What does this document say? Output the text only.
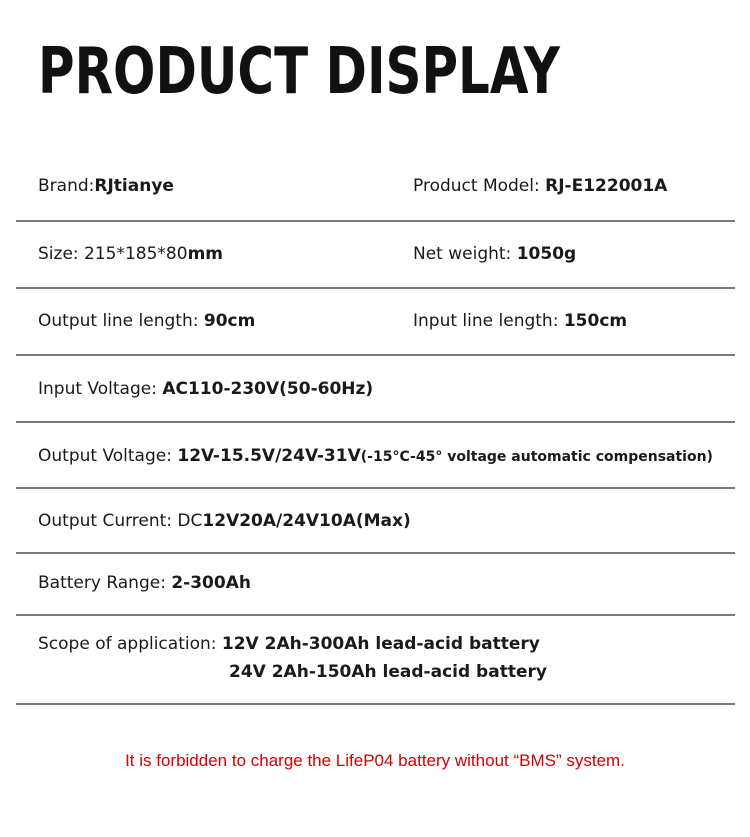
PRODUCT DISPLAY
Brand:RJtianye	Product Model: RJ-E122001A
Size: 215*185*80mm	Net weight: 1050g
Output line length: 90cm	Input line length: 150cm
Input Voltage: AC110-230V(50-60Hz)
Output Voltage: 12V-15.5V/24V-31V(-15°C-45° voltage automatic compensation)
Output Current: DC12V20A/24V10A(Max)
Battery Range: 2-300Ah
Scope of application: 12V 2Ah-300Ah lead-acid battery
24V 2Ah-150Ah lead-acid battery
It is forbidden to charge the LifeP04 battery without “BMS” system.
